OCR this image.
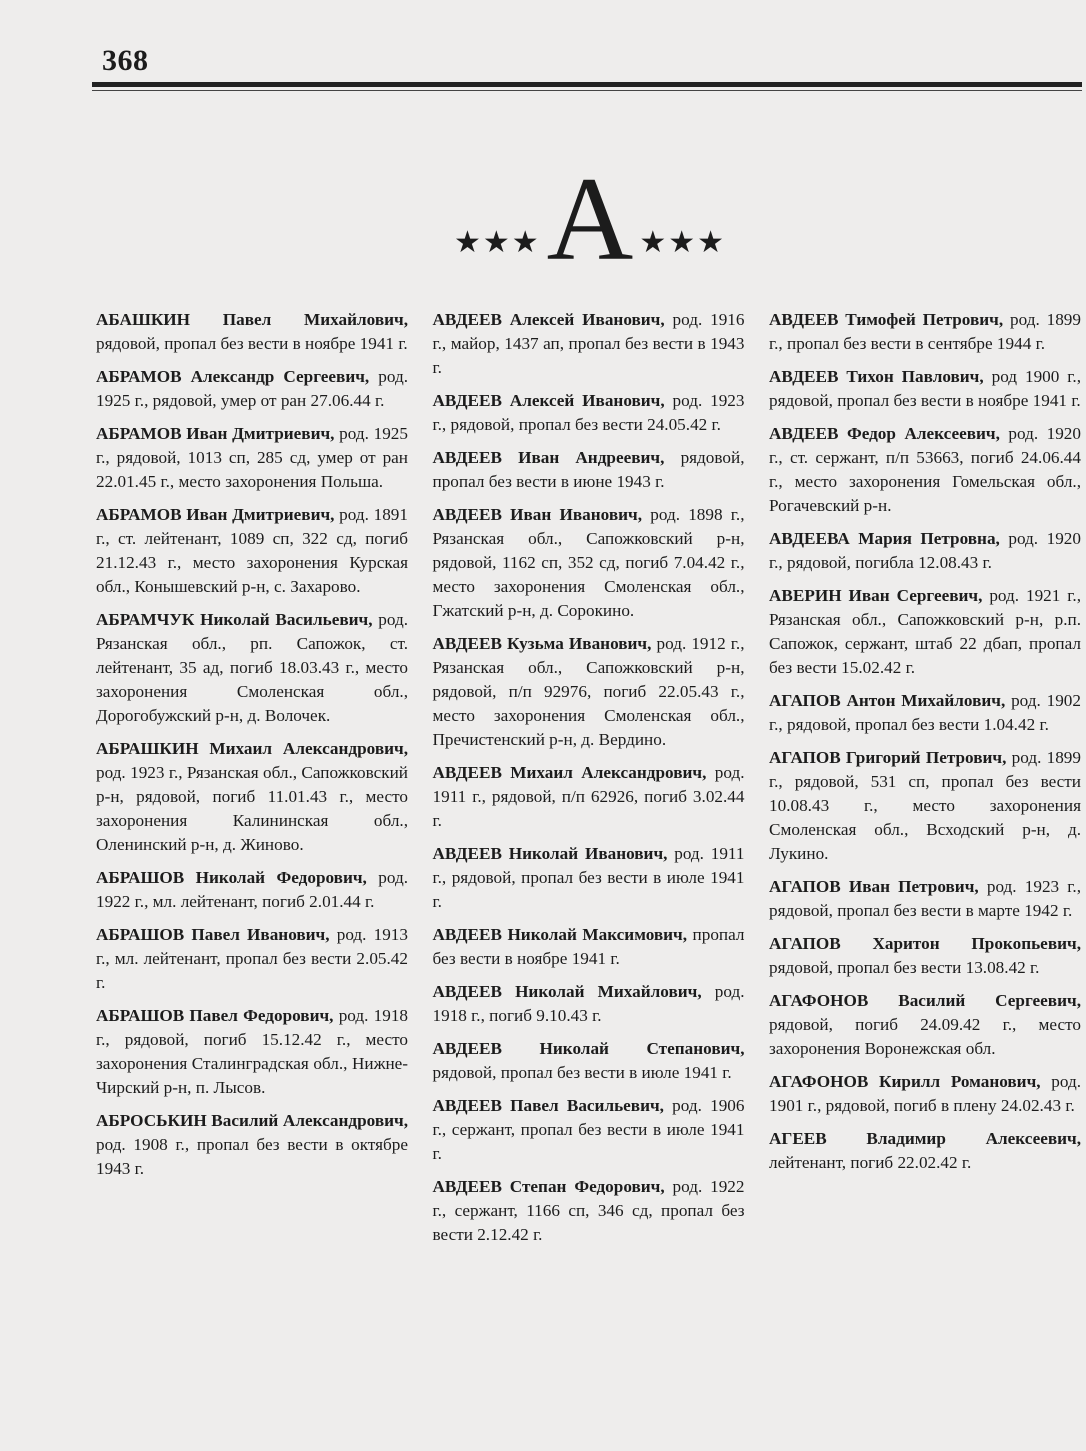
368
★★★ А ★★★

АБАШКИН Павел Михайлович, рядовой, пропал без вести в ноябре 1941 г.

АБРАМОВ Александр Сергеевич, род. 1925 г., рядовой, умер от ран 27.06.44 г.

АБРАМОВ Иван Дмитриевич, род. 1925 г., рядовой, 1013 сп, 285 сд, умер от ран 22.01.45 г., место захоронения Польша.

АБРАМОВ Иван Дмитриевич, род. 1891 г., ст. лейтенант, 1089 сп, 322 сд, погиб 21.12.43 г., место захоронения Курская обл., Конышевский р-н, с. Захарово.

АБРАМЧУК Николай Васильевич, род. Рязанская обл., рп. Сапожок, ст. лейтенант, 35 ад, погиб 18.03.43 г., место захоронения Смоленская обл., Дорогобужский р-н, д. Волочек.

АБРАШКИН Михаил Александрович, род. 1923 г., Рязанская обл., Сапожковский р-н, рядовой, погиб 11.01.43 г., место захоронения Калининская обл., Оленинский р-н, д. Жиново.

АБРАШОВ Николай Федорович, род. 1922 г., мл. лейтенант, погиб 2.01.44 г.

АБРАШОВ Павел Иванович, род. 1913 г., мл. лейтенант, пропал без вести 2.05.42 г.

АБРАШОВ Павел Федорович, род. 1918 г., рядовой, погиб 15.12.42 г., место захоронения Сталинградская обл., Нижне-Чирский р-н, п. Лысов.

АБРОСЬКИН Василий Александрович, род. 1908 г., пропал без вести в октябре 1943 г.

АВДЕЕВ Алексей Иванович, род. 1916 г., майор, 1437 ап, пропал без вести в 1943 г.

АВДЕЕВ Алексей Иванович, род. 1923 г., рядовой, пропал без вести 24.05.42 г.

АВДЕЕВ Иван Андреевич, рядовой, пропал без вести в июне 1943 г.

АВДЕЕВ Иван Иванович, род. 1898 г., Рязанская обл., Сапожковский р-н, рядовой, 1162 сп, 352 сд, погиб 7.04.42 г., место захоронения Смоленская обл., Гжатский р-н, д. Сорокино.

АВДЕЕВ Кузьма Иванович, род. 1912 г., Рязанская обл., Сапожковский р-н, рядовой, п/п 92976, погиб 22.05.43 г., место захоронения Смоленская обл., Пречистенский р-н, д. Вердино.

АВДЕЕВ Михаил Александрович, род. 1911 г., рядовой, п/п 62926, погиб 3.02.44 г.

АВДЕЕВ Николай Иванович, род. 1911 г., рядовой, пропал без вести в июле 1941 г.

АВДЕЕВ Николай Максимович, пропал без вести в ноябре 1941 г.

АВДЕЕВ Николай Михайлович, род. 1918 г., погиб 9.10.43 г.

АВДЕЕВ Николай Степанович, рядовой, пропал без вести в июле 1941 г.

АВДЕЕВ Павел Васильевич, род. 1906 г., сержант, пропал без вести в июле 1941 г.

АВДЕЕВ Степан Федорович, род. 1922 г., сержант, 1166 сп, 346 сд, пропал без вести 2.12.42 г.

АВДЕЕВ Тимофей Петрович, род. 1899 г., пропал без вести в сентябре 1944 г.

АВДЕЕВ Тихон Павлович, род 1900 г., рядовой, пропал без вести в ноябре 1941 г.

АВДЕЕВ Федор Алексеевич, род. 1920 г., ст. сержант, п/п 53663, погиб 24.06.44 г., место захоронения Гомельская обл., Рогачевский р-н.

АВДЕЕВА Мария Петровна, род. 1920 г., рядовой, погибла 12.08.43 г.

АВЕРИН Иван Сергеевич, род. 1921 г., Рязанская обл., Сапожковский р-н, р.п. Сапожок, сержант, штаб 22 дбап, пропал без вести 15.02.42 г.

АГАПОВ Антон Михайлович, род. 1902 г., рядовой, пропал без вести 1.04.42 г.

АГАПОВ Григорий Петрович, род. 1899 г., рядовой, 531 сп, пропал без вести 10.08.43 г., место захоронения Смоленская обл., Всходский р-н, д. Лукино.

АГАПОВ Иван Петрович, род. 1923 г., рядовой, пропал без вести в марте 1942 г.

АГАПОВ Харитон Прокопьевич, рядовой, пропал без вести 13.08.42 г.

АГАФОНОВ Василий Сергеевич, рядовой, погиб 24.09.42 г., место захоронения Воронежская обл.

АГАФОНОВ Кирилл Романович, род. 1901 г., рядовой, погиб в плену 24.02.43 г.

АГЕЕВ Владимир Алексеевич, лейтенант, погиб 22.02.42 г.
